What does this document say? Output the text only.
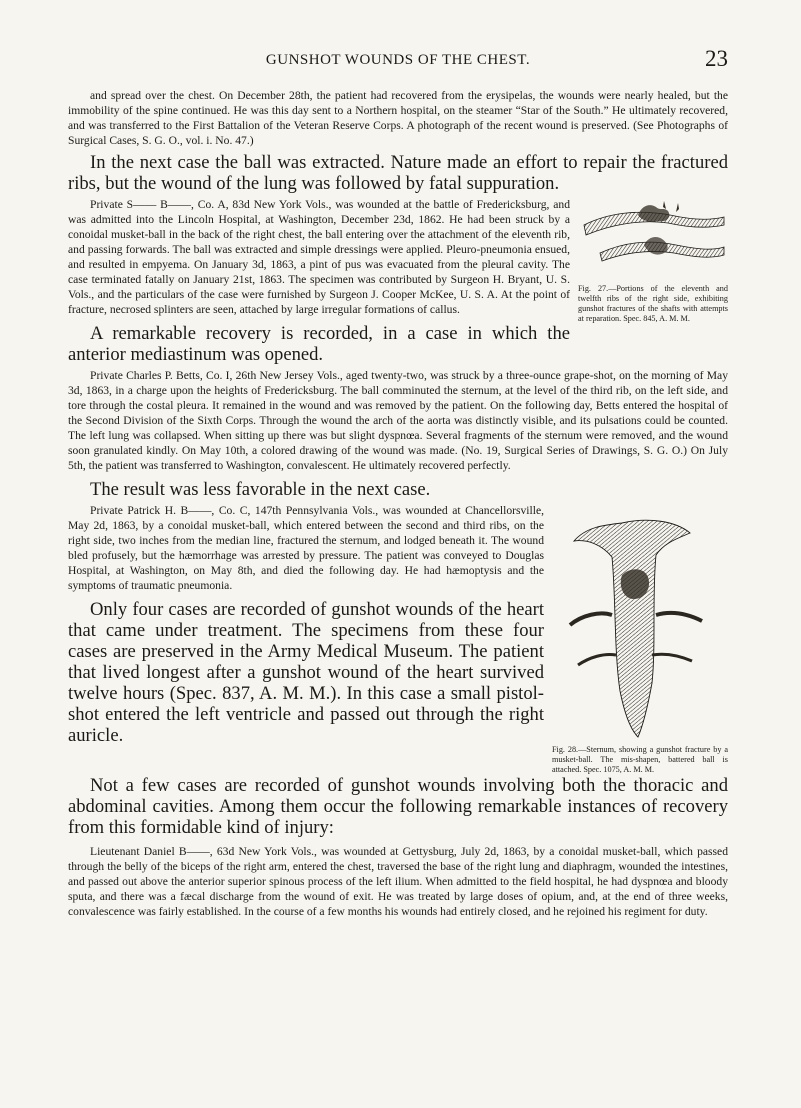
GUNSHOT WOUNDS OF THE CHEST.	23

and spread over the chest. On December 28th, the patient had recovered from the erysipelas, the wounds were nearly healed, but the immobility of the spine continued. He was this day sent to a Northern hospital, on the steamer “Star of the South.” He ultimately recovered, and was transferred to the First Battalion of the Veteran Reserve Corps. A photograph of the recent wound is preserved. (See Photographs of Surgical Cases, S. G. O., vol. i. No. 47.)

In the next case the ball was extracted. Nature made an effort to repair the fractured ribs, but the wound of the lung was followed by fatal suppuration.

Fig. 27.—Portions of the eleventh and twelfth ribs of the right side, exhibiting gunshot fractures of the shafts with attempts at reparation. Spec. 845, A. M. M.

Private S—— B——, Co. A, 83d New York Vols., was wounded at the battle of Fredericksburg, and was admitted into the Lincoln Hospital, at Washington, December 23d, 1862. He had been struck by a conoidal musket-ball in the back of the right chest, the ball entering over the attachment of the eleventh rib, and passing forwards. The ball was extracted and simple dressings were applied. Pleuro-pneumonia ensued, and resulted in empyema. On January 3d, 1863, a pint of pus was evacuated from the pleural cavity. The case terminated fatally on January 21st, 1863. The specimen was contributed by Surgeon H. Bryant, U. S. Vols., and the particulars of the case were furnished by Surgeon J. Cooper McKee, U. S. A. At the point of fracture, necrosed splinters are seen, attached by large irregular formations of callus.

A remarkable recovery is recorded, in a case in which the anterior mediastinum was opened.

Private Charles P. Betts, Co. I, 26th New Jersey Vols., aged twenty-two, was struck by a three-ounce grape-shot, on the morning of May 3d, 1863, in a charge upon the heights of Fredericksburg. The ball comminuted the sternum, at the level of the third rib, on the left side, and tore through the costal pleura. It remained in the wound and was removed by the patient. On the following day, Betts entered the hospital of the Second Division of the Sixth Corps. Through the wound the arch of the aorta was distinctly visible, and its pulsations could be counted. The left lung was collapsed. When sitting up there was but slight dyspnœa. Several fragments of the sternum were removed, and the wound soon granulated kindly. On May 10th, a colored drawing of the wound was made. (No. 19, Surgical Series of Drawings, S. G. O.) On July 5th, the patient was transferred to Washington, convalescent. He ultimately recovered perfectly.

The result was less favorable in the next case.

Fig. 28.—Sternum, showing a gunshot fracture by a musket-ball. The mis-shapen, battered ball is attached. Spec. 1075, A. M. M.

Private Patrick H. B——, Co. C, 147th Pennsylvania Vols., was wounded at Chancellorsville, May 2d, 1863, by a conoidal musket-ball, which entered between the second and third ribs, on the right side, two inches from the median line, fractured the sternum, and lodged beneath it. The wound bled profusely, but the hæmorrhage was arrested by pressure. The patient was conveyed to Douglas Hospital, at Washington, on May 8th, and died the following day. He had hæmoptysis and the symptoms of traumatic pneumonia.

Only four cases are recorded of gunshot wounds of the heart that came under treatment. The specimens from these four cases are preserved in the Army Medical Museum. The patient that lived longest after a gunshot wound of the heart survived twelve hours (Spec. 837, A. M. M.). In this case a small pistol-shot entered the left ventricle and passed out through the right auricle.

Not a few cases are recorded of gunshot wounds involving both the thoracic and abdominal cavities. Among them occur the following remarkable instances of recovery from this formidable kind of injury:

Lieutenant Daniel B——, 63d New York Vols., was wounded at Gettysburg, July 2d, 1863, by a conoidal musket-ball, which passed through the belly of the biceps of the right arm, entered the chest, traversed the base of the right lung and diaphragm, wounded the intestines, and passed out above the anterior superior spinous process of the left ilium. When admitted to the field hospital, he had dyspnœa and bloody sputa, and there was a fæcal discharge from the wound of exit. He was treated by large doses of opium, and, at the end of three weeks, convalescence was fairly established. In the course of a few months his wounds had entirely closed, and he rejoined his regiment for duty.
